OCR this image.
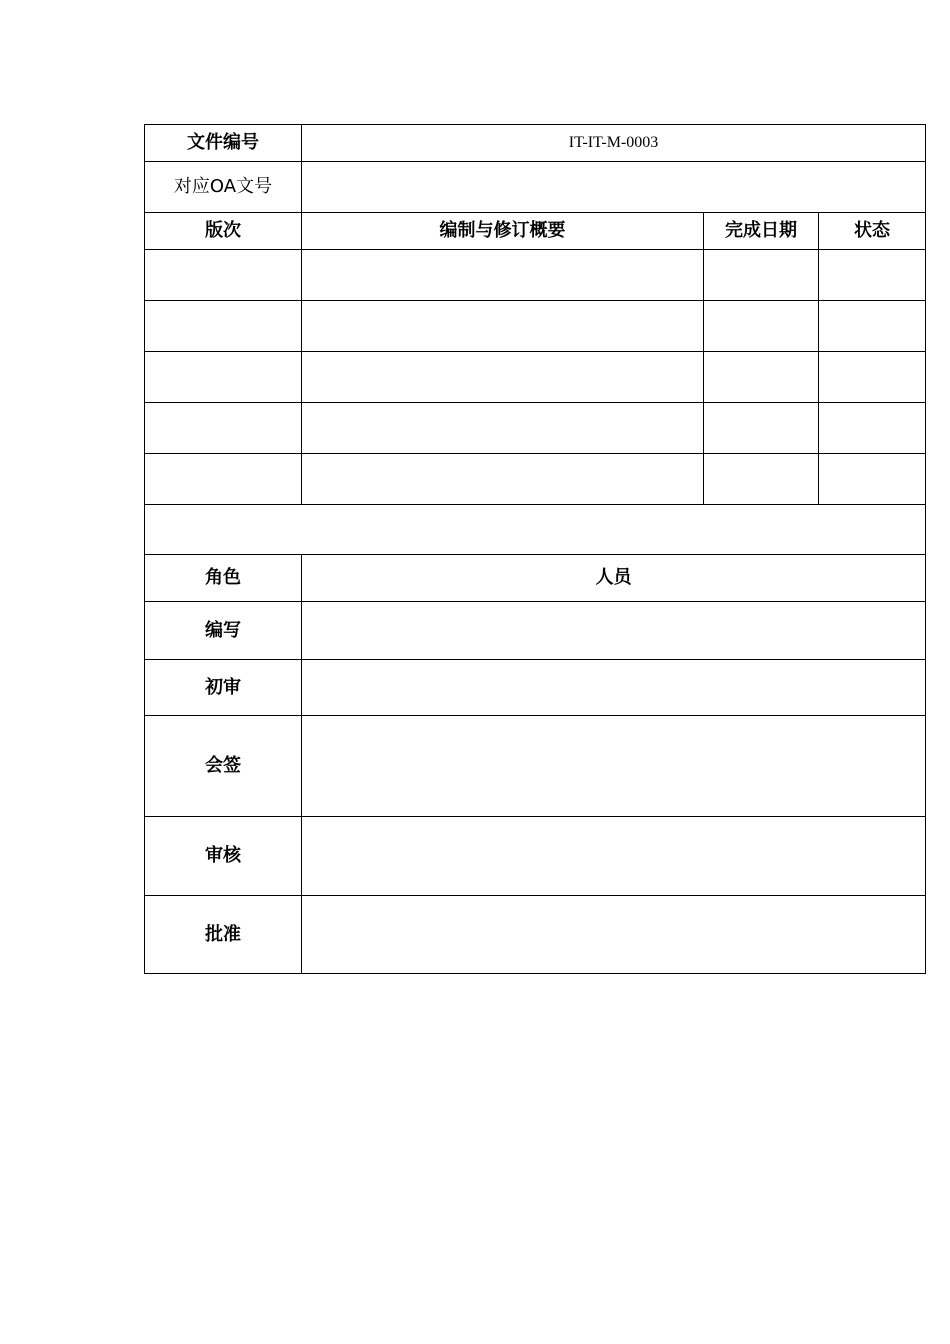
文件编号	IT-IT-M-0003		
对应OA文号			
版次	编制与修订概要	完成日期	状态

角色	人员		
编写			
初审			
会签			
审核			
批准			
